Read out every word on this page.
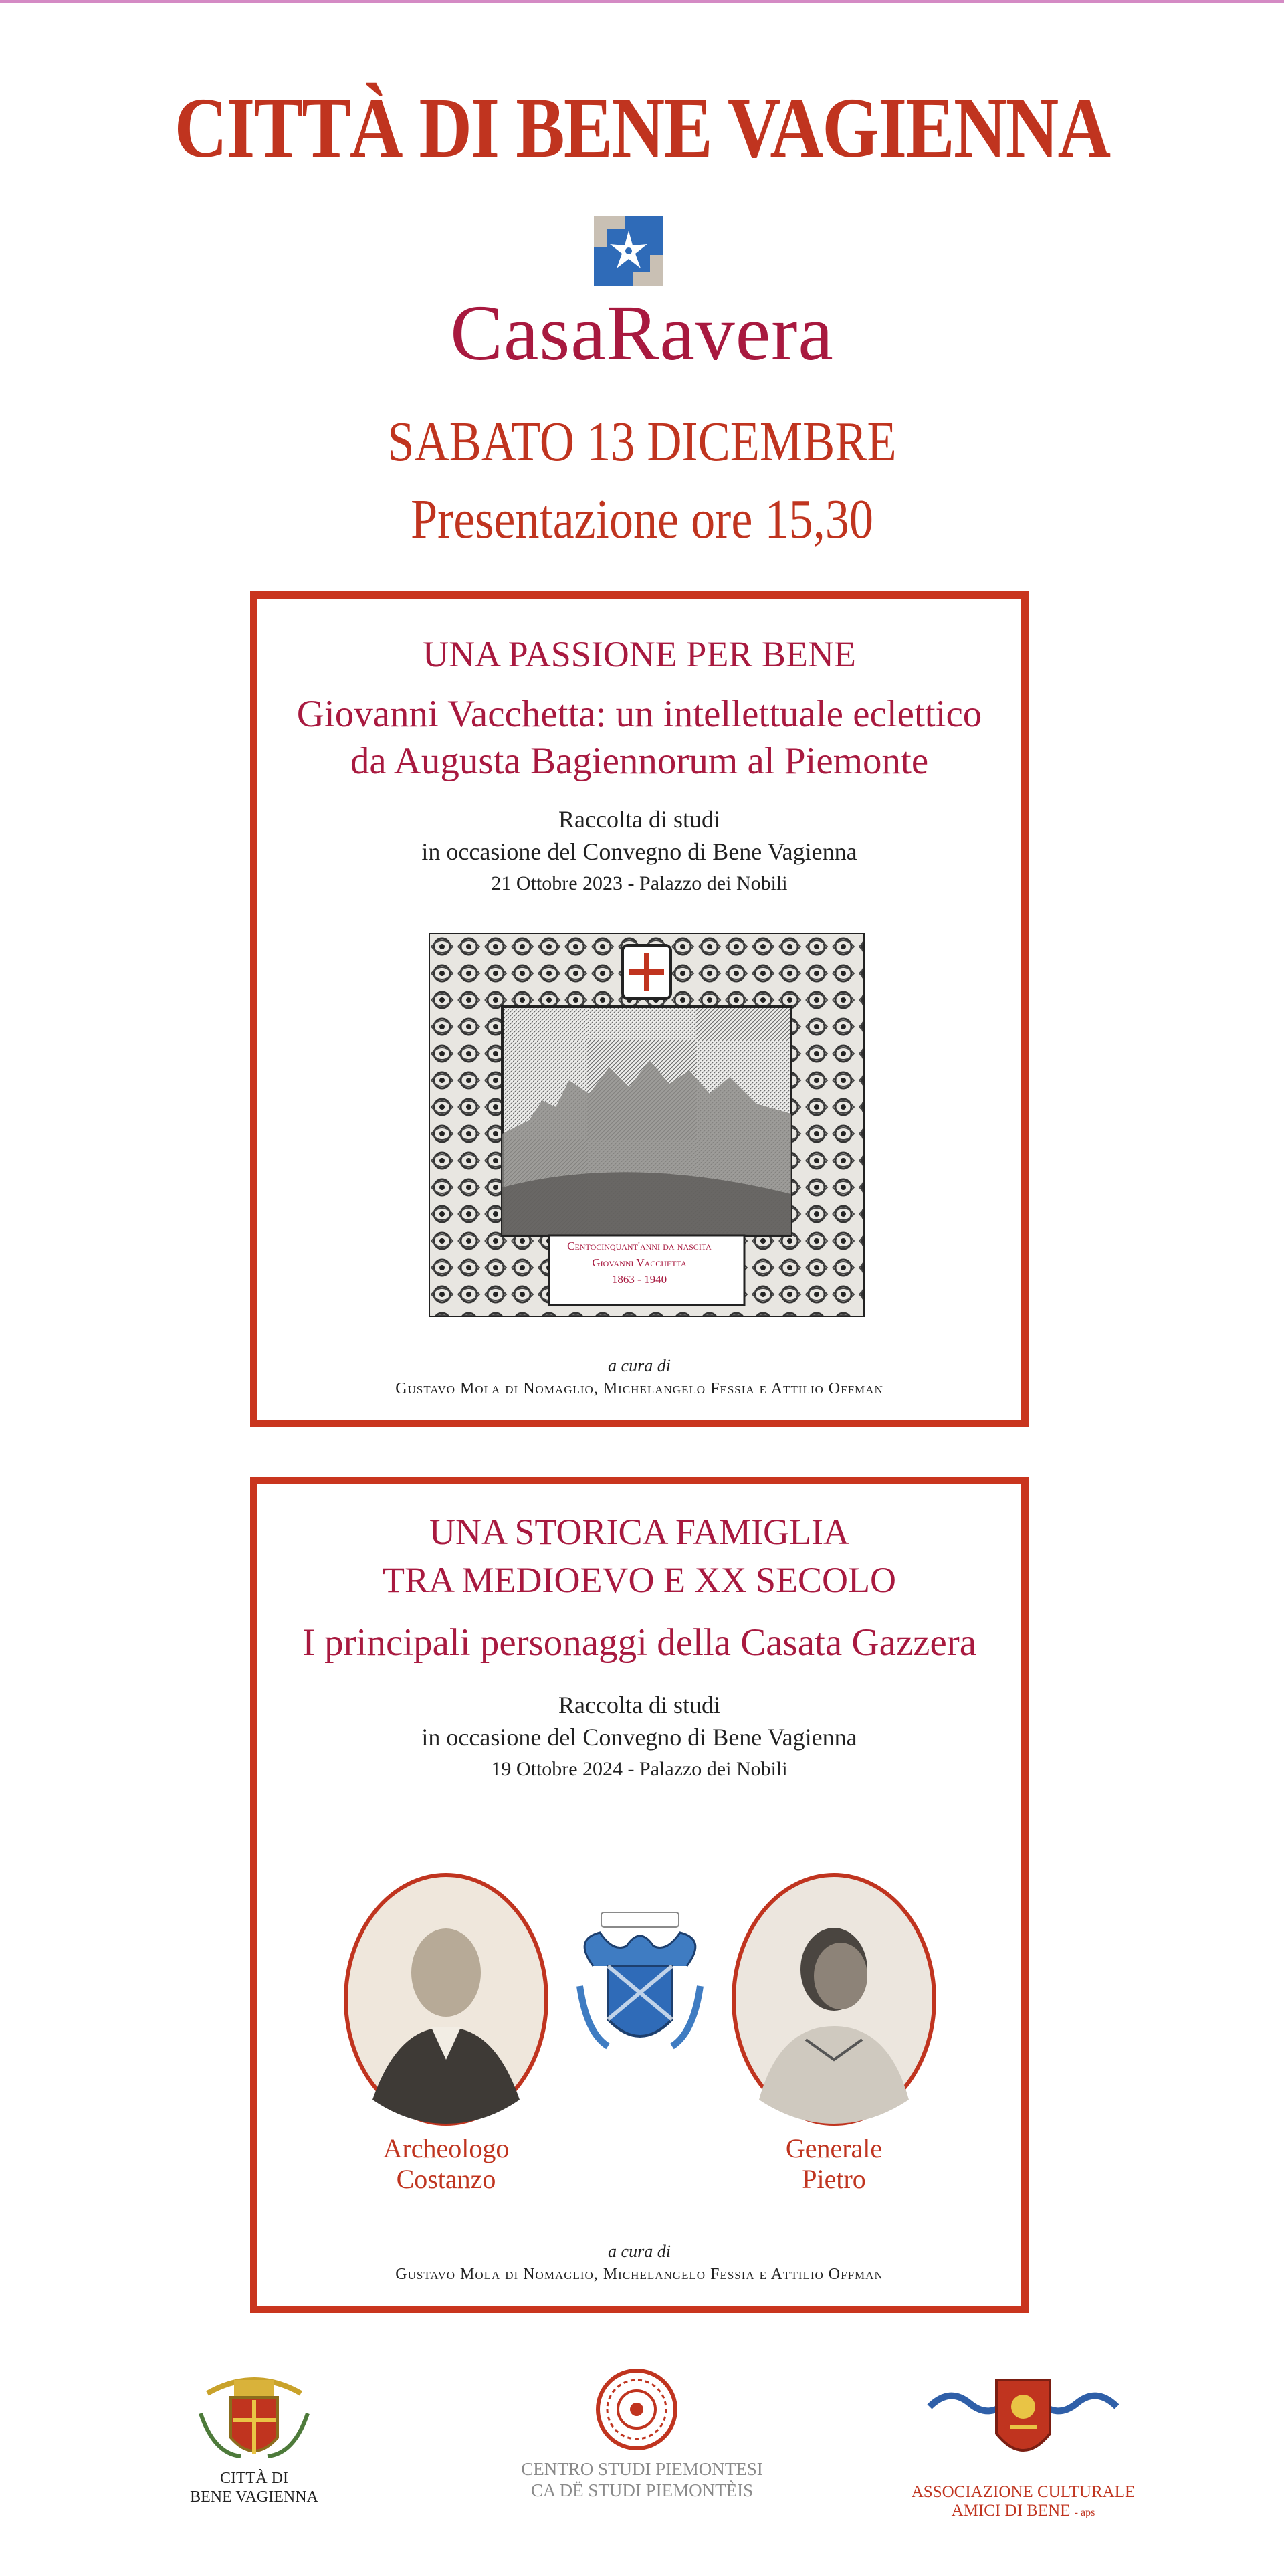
CITTÀ DI BENE VAGIENNA
CasaRavera
SABATO 13 DICEMBRE
Presentazione ore 15,30
UNA PASSIONE PER BENE
Giovanni Vacchetta: un intellettuale eclettico
da Augusta Bagiennorum al Piemonte
Raccolta di studi
in occasione del Convegno di Bene Vagienna
21 Ottobre 2023 - Palazzo dei Nobili
Centocinquant'anni da nascita
Giovanni Vacchetta
1863 - 1940
a cura di
Gustavo Mola di Nomaglio, Michelangelo Fessia e Attilio Offman
UNA STORICA FAMIGLIA
TRA MEDIOEVO E XX SECOLO
I principali personaggi della Casata Gazzera
Raccolta di studi
in occasione del Convegno di Bene Vagienna
19 Ottobre 2024 - Palazzo dei Nobili
Archeologo
Costanzo
Generale
Pietro
a cura di
Gustavo Mola di Nomaglio, Michelangelo Fessia e Attilio Offman
CITTÀ DI
BENE VAGIENNA
CENTRO STUDI PIEMONTESI
CA DË STUDI PIEMONTÈIS	ASSOCIAZIONE CULTURALE
AMICI DI BENE - aps
